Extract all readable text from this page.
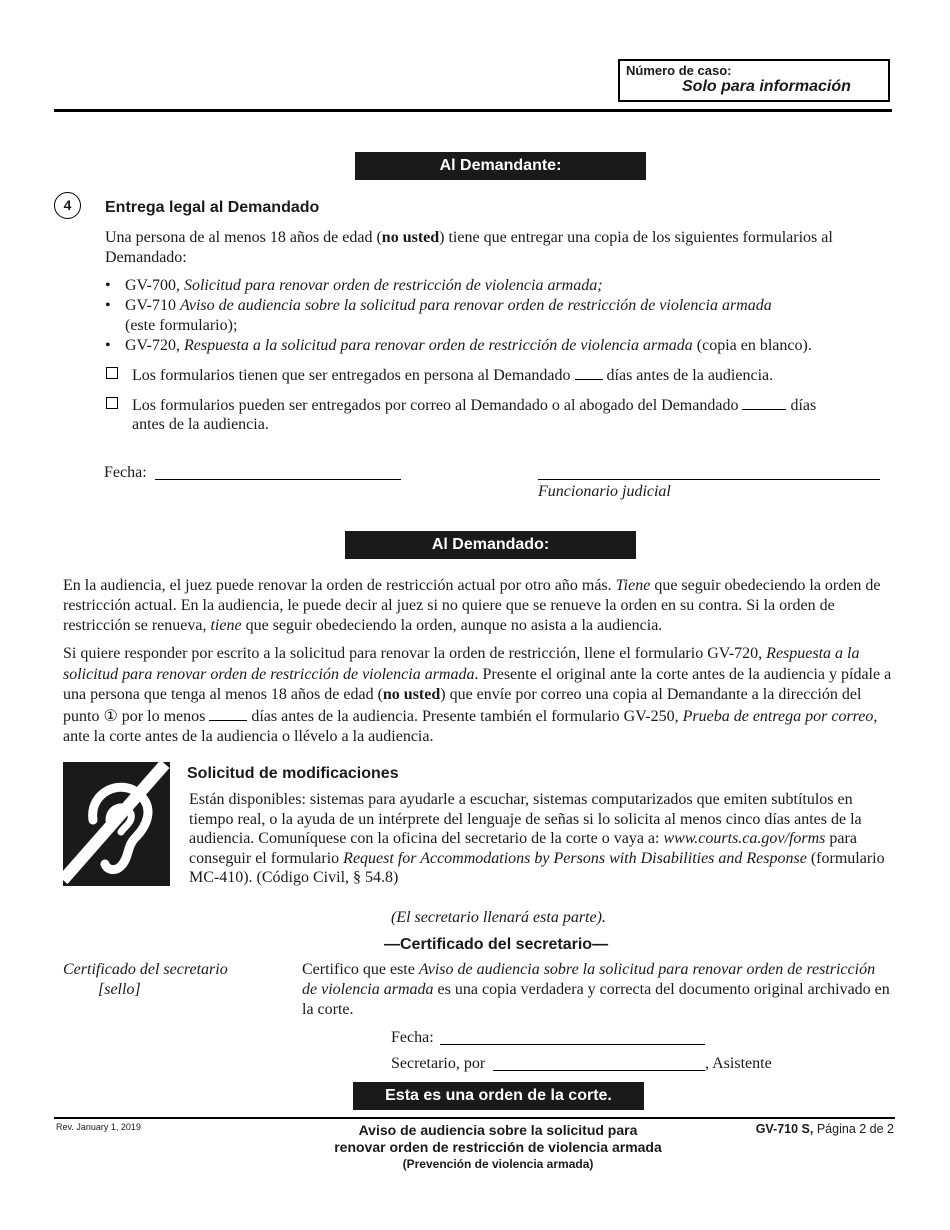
Número de caso:
Solo para información
Al Demandante:
4	Entrega legal al Demandado
Una persona de al menos 18 años de edad (no usted) tiene que entregar una copia de los siguientes formularios al Demandado:
• GV-700, Solicitud para renovar orden de restricción de violencia armada;
• GV-710 Aviso de audiencia sobre la solicitud para renovar orden de restricción de violencia armada
(este formulario);
• GV-720, Respuesta a la solicitud para renovar orden de restricción de violencia armada (copia en blanco).
Los formularios tienen que ser entregados en persona al Demandado  días antes de la audiencia.
Los formularios pueden ser entregados por correo al Demandado o al abogado del Demandado	días
antes de la audiencia.
Fecha:
Funcionario judicial
Al Demandado:
En la audiencia, el juez puede renovar la orden de restricción actual por otro año más. Tiene que seguir obedeciendo la orden de restricción actual. En la audiencia, le puede decir al juez si no quiere que se renueve la orden en su contra. Si la orden de restricción se renueva, tiene que seguir obedeciendo la orden, aunque no asista a la audiencia.
Si quiere responder por escrito a la solicitud para renovar la orden de restricción, llene el formulario GV-720, Respuesta a la solicitud para renovar orden de restricción de violencia armada. Presente el original ante la corte antes de la audiencia y pídale a una persona que tenga al menos 18 años de edad (no usted) que envíe por correo una copia al Demandante a la dirección del punto ① por lo menos  días antes de la audiencia. Presente también el formulario GV-250, Prueba de entrega por correo, ante la corte antes de la audiencia o llévelo a la audiencia.
Solicitud de modificaciones
Están disponibles: sistemas para ayudarle a escuchar, sistemas computarizados que emiten subtítulos en tiempo real, o la ayuda de un intérprete del lenguaje de señas si lo solicita al menos cinco días antes de la audiencia. Comuníquese con la oficina del secretario de la corte o vaya a: www.courts.ca.gov/forms para conseguir el formulario Request for Accommodations by Persons with Disabilities and Response (formulario MC-410). (Código Civil, § 54.8)
(El secretario llenará esta parte).
—Certificado del secretario—
Certificado del secretario
[sello]
Certifico que este Aviso de audiencia sobre la solicitud para renovar orden de restricción de violencia armada es una copia verdadera y correcta del documento original archivado en la corte.
Fecha:
Secretario, por	, Asistente
Esta es una orden de la corte.
Rev. January 1, 2019	Aviso de audiencia sobre la solicitud para
renovar orden de restricción de violencia armada
(Prevención de violencia armada)
GV-710 S, Página 2 de 2
